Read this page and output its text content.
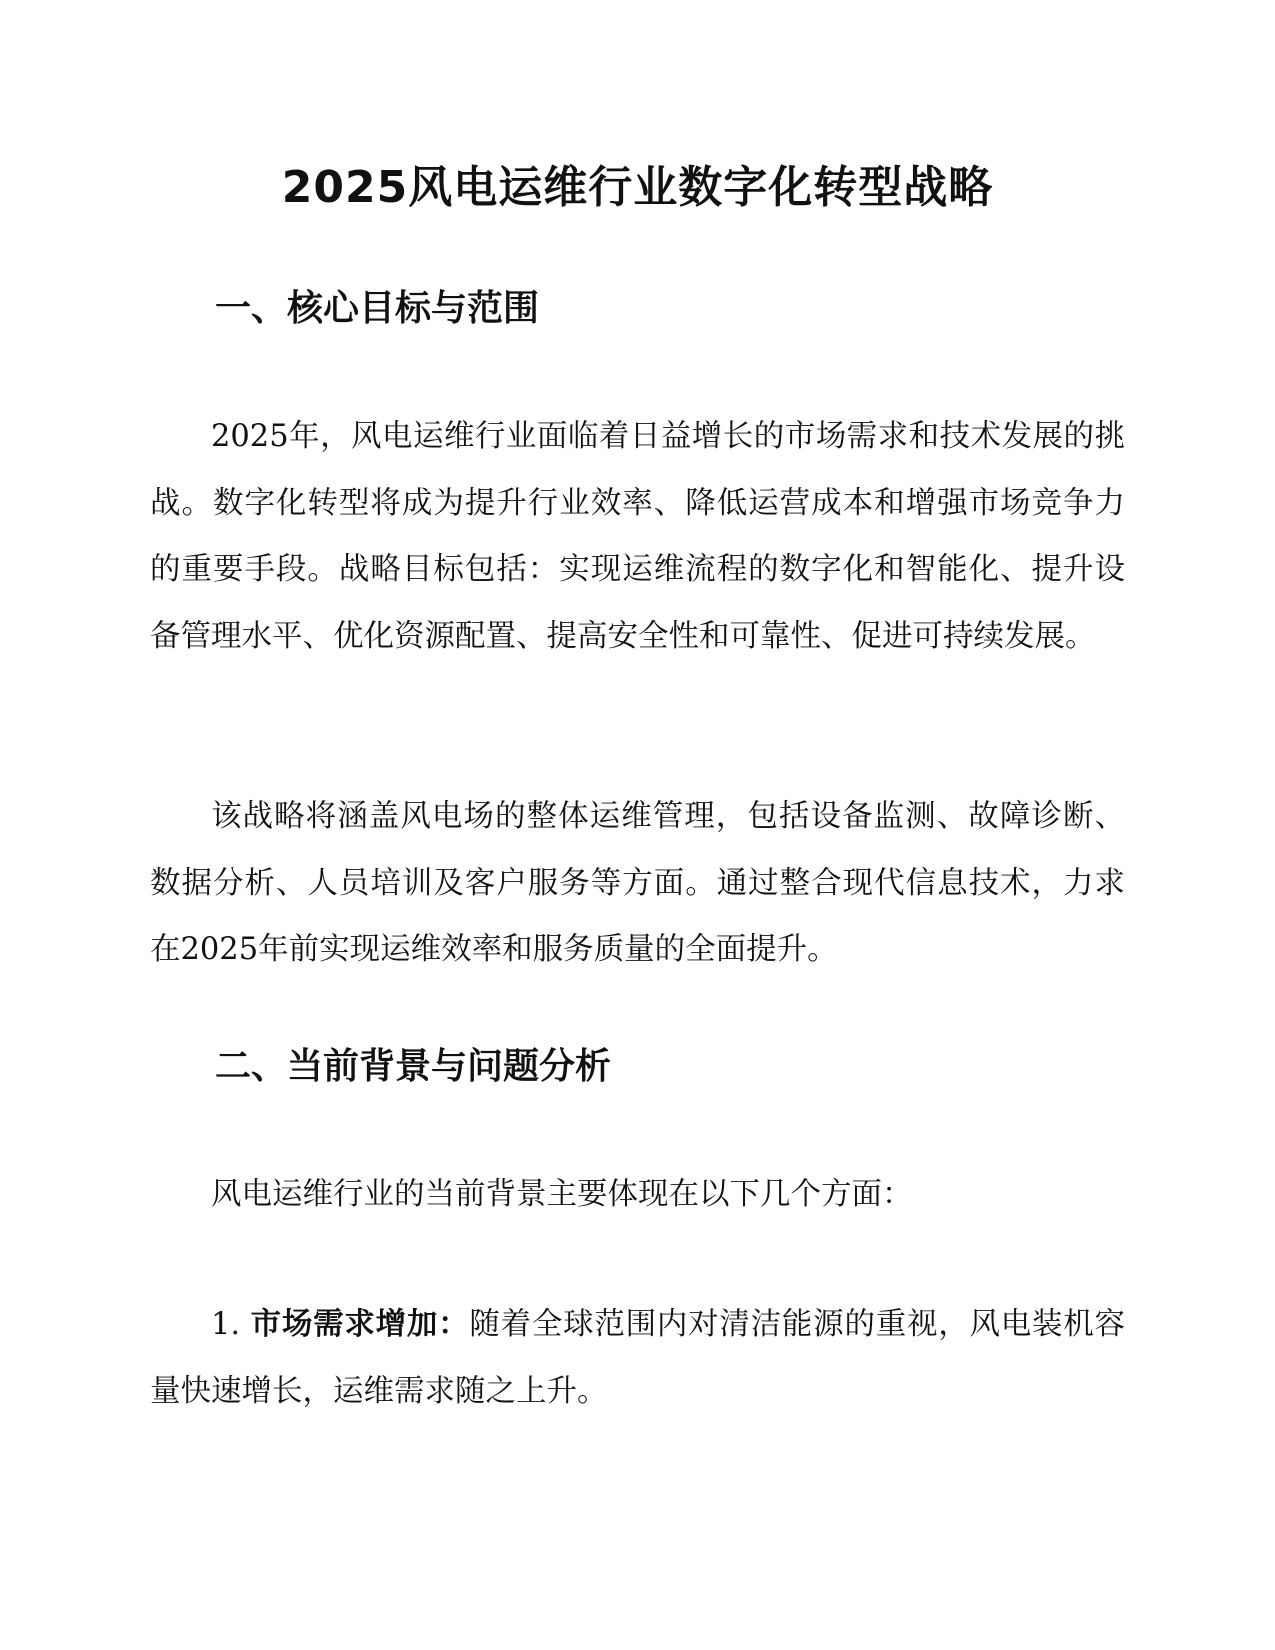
2025风电运维行业数字化转型战略
一、核心目标与范围

2025年，风电运维行业面临着日益增长的市场需求和技术发展的挑战。数字化转型将成为提升行业效率、降低运营成本和增强市场竞争力的重要手段。战略目标包括：实现运维流程的数字化和智能化、提升设备管理水平、优化资源配置、提高安全性和可靠性、促进可持续发展。

该战略将涵盖风电场的整体运维管理，包括设备监测、故障诊断、数据分析、人员培训及客户服务等方面。通过整合现代信息技术，力求在2025年前实现运维效率和服务质量的全面提升。

二、当前背景与问题分析

风电运维行业的当前背景主要体现在以下几个方面：

1. 市场需求增加：随着全球范围内对清洁能源的重视，风电装机容量快速增长，运维需求随之上升。
